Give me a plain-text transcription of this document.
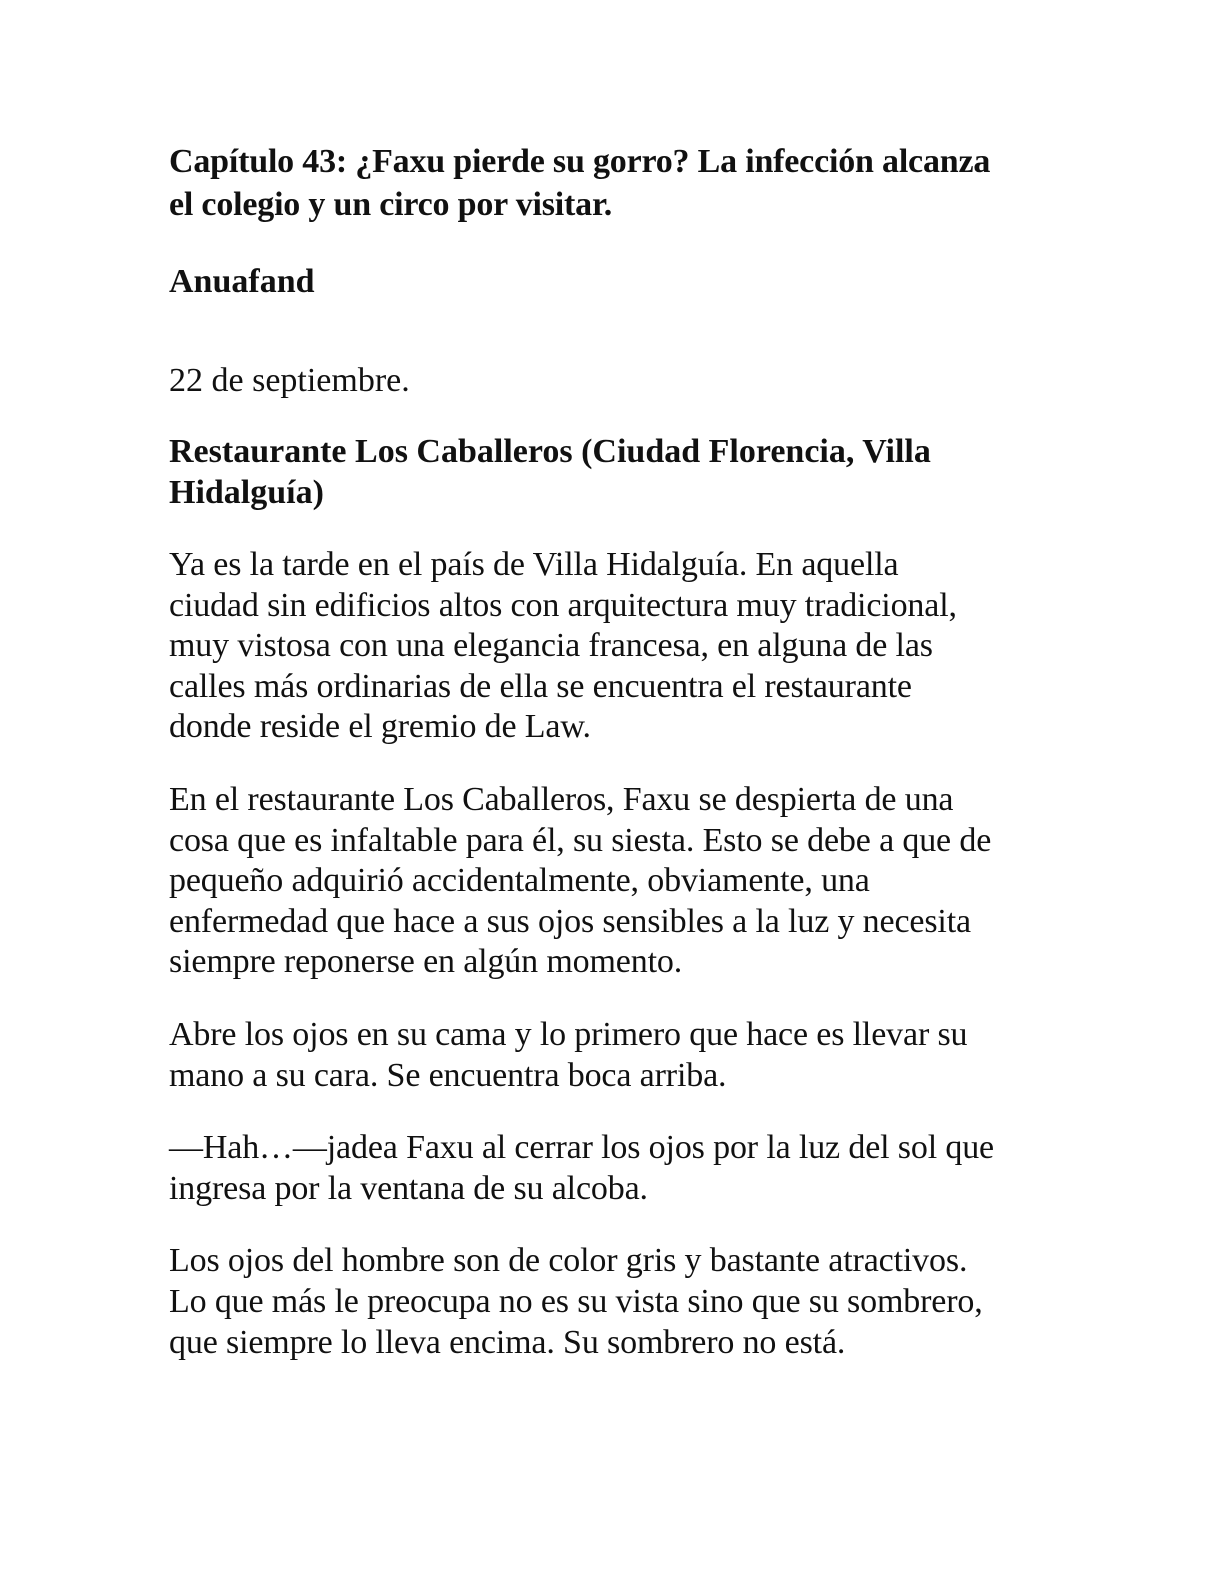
Capítulo 43: ¿Faxu pierde su gorro? La infección alcanza
el colegio y un circo por visitar.
Anuafand
22 de septiembre.
Restaurante Los Caballeros (Ciudad Florencia, Villa
Hidalguía)

Ya es la tarde en el país de Villa Hidalguía. En aquella
ciudad sin edificios altos con arquitectura muy tradicional,
muy vistosa con una elegancia francesa, en alguna de las
calles más ordinarias de ella se encuentra el restaurante
donde reside el gremio de Law.

En el restaurante Los Caballeros, Faxu se despierta de una
cosa que es infaltable para él, su siesta. Esto se debe a que de
pequeño adquirió accidentalmente, obviamente, una
enfermedad que hace a sus ojos sensibles a la luz y necesita
siempre reponerse en algún momento.

Abre los ojos en su cama y lo primero que hace es llevar su
mano a su cara. Se encuentra boca arriba.

—Hah…—jadea Faxu al cerrar los ojos por la luz del sol que
ingresa por la ventana de su alcoba.

Los ojos del hombre son de color gris y bastante atractivos.
Lo que más le preocupa no es su vista sino que su sombrero,
que siempre lo lleva encima. Su sombrero no está.
